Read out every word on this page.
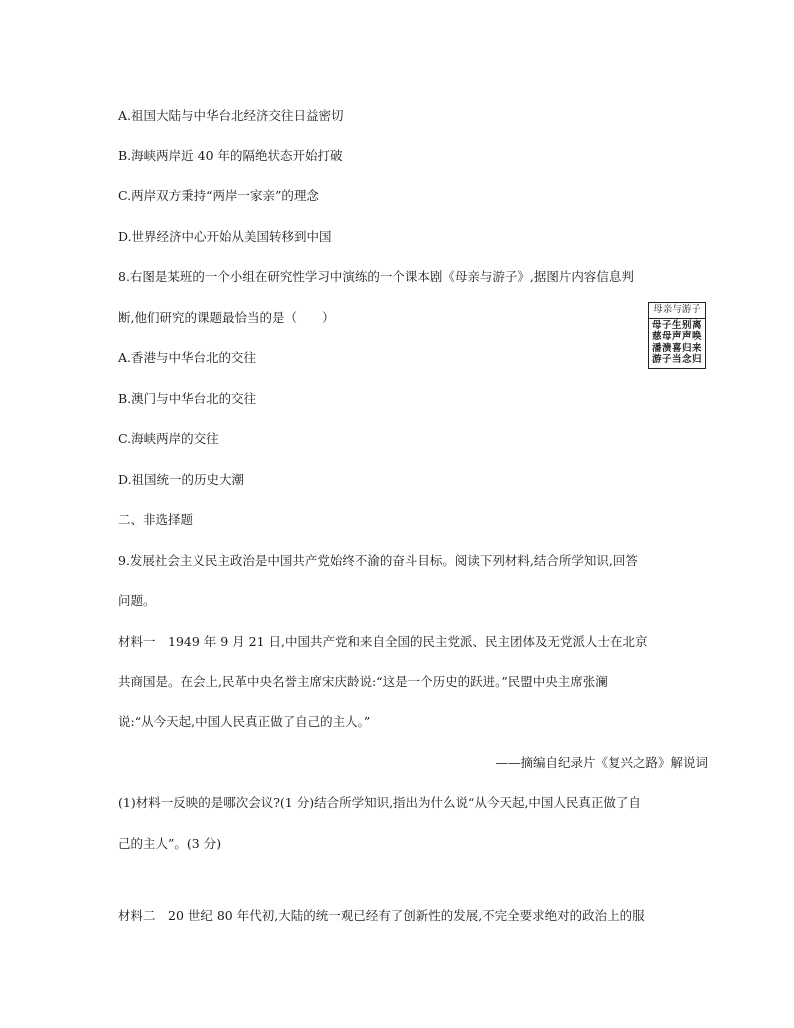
A.祖国大陆与中华台北经济交往日益密切
B.海峡两岸近 40 年的隔绝状态开始打破
C.两岸双方秉持“两岸一家亲”的理念
D.世界经济中心开始从美国转移到中国
8.右图是某班的一个小组在研究性学习中演练的一个课本剧《母亲与游子》,据图片内容信息判
断,他们研究的课题最恰当的是（　　）
母亲与游子
母子生别离
慈母声声唤
潘溃喜归来
游子当念归
A.香港与中华台北的交往
B.澳门与中华台北的交往
C.海峡两岸的交往
D.祖国统一的历史大潮
二、非选择题
9.发展社会主义民主政治是中国共产党始终不渝的奋斗目标。阅读下列材料,结合所学知识,回答
问题。
材料一　1949 年 9 月 21 日,中国共产党和来自全国的民主党派、民主团体及无党派人士在北京
共商国是。在会上,民革中央名誉主席宋庆龄说:“这是一个历史的跃进。”民盟中央主席张澜
说:“从今天起,中国人民真正做了自己的主人。”
——摘编自纪录片《复兴之路》解说词
(1)材料一反映的是哪次会议?(1 分)结合所学知识,指出为什么说“从今天起,中国人民真正做了自
己的主人”。(3 分)
材料二　20 世纪 80 年代初,大陆的统一观已经有了创新性的发展,不完全要求绝对的政治上的服
